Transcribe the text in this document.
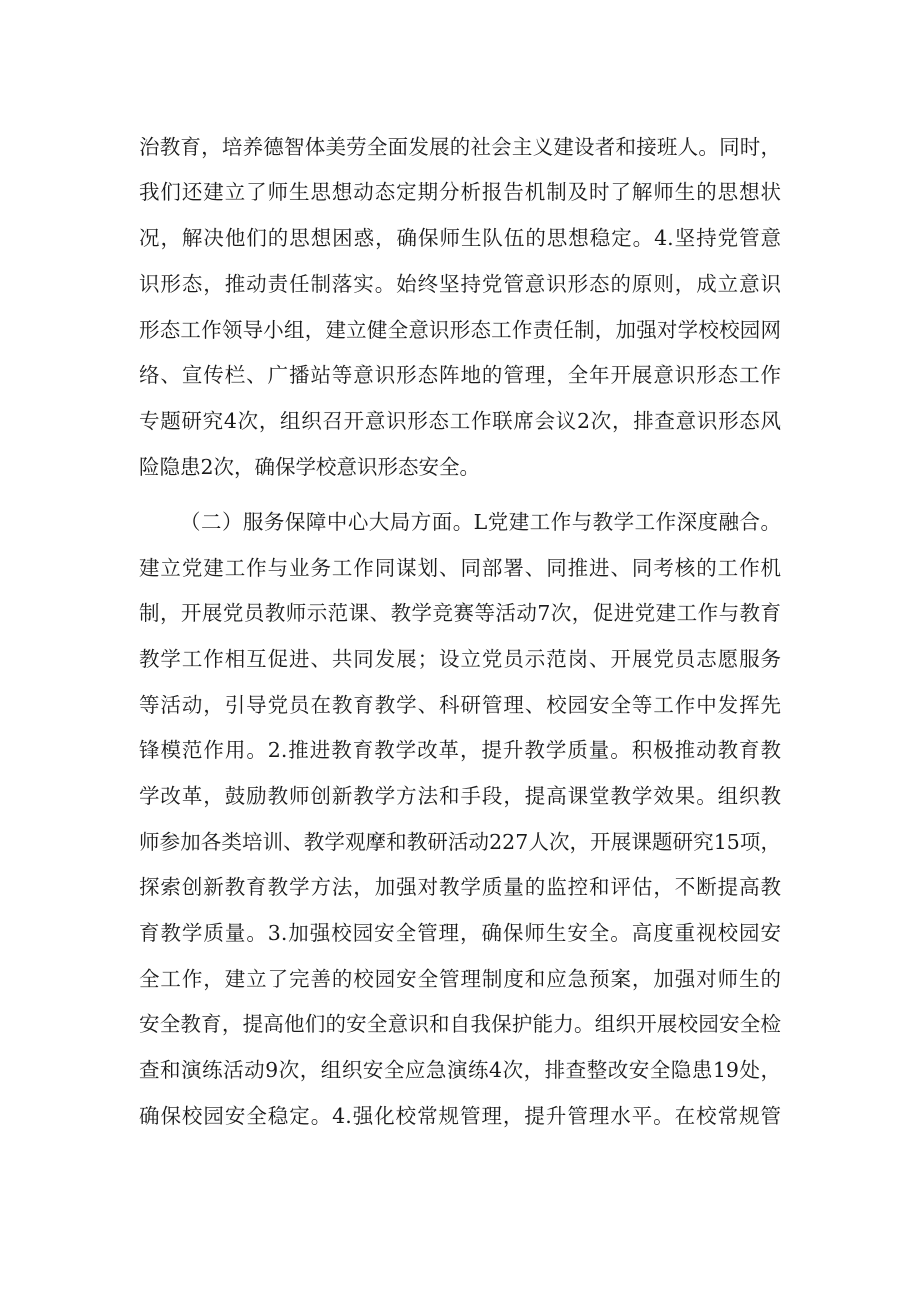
治教育，培养德智体美劳全面发展的社会主义建设者和接班人。同时，
我们还建立了师生思想动态定期分析报告机制及时了解师生的思想状
况，解决他们的思想困惑，确保师生队伍的思想稳定。4.坚持党管意
识形态，推动责任制落实。始终坚持党管意识形态的原则，成立意识
形态工作领导小组，建立健全意识形态工作责任制，加强对学校校园网
络、宣传栏、广播站等意识形态阵地的管理，全年开展意识形态工作
专题研究4次，组织召开意识形态工作联席会议2次，排查意识形态风
险隐患2次，确保学校意识形态安全。
（二）服务保障中心大局方面。L党建工作与教学工作深度融合。
建立党建工作与业务工作同谋划、同部署、同推进、同考核的工作机
制，开展党员教师示范课、教学竞赛等活动7次，促进党建工作与教育
教学工作相互促进、共同发展；设立党员示范岗、开展党员志愿服务
等活动，引导党员在教育教学、科研管理、校园安全等工作中发挥先
锋模范作用。2.推进教育教学改革，提升教学质量。积极推动教育教
学改革，鼓励教师创新教学方法和手段，提高课堂教学效果。组织教
师参加各类培训、教学观摩和教研活动227人次，开展课题研究15项，
探索创新教育教学方法，加强对教学质量的监控和评估，不断提高教
育教学质量。3.加强校园安全管理，确保师生安全。高度重视校园安
全工作，建立了完善的校园安全管理制度和应急预案，加强对师生的
安全教育，提高他们的安全意识和自我保护能力。组织开展校园安全检
查和演练活动9次，组织安全应急演练4次，排查整改安全隐患19处，
确保校园安全稳定。4.强化校常规管理，提升管理水平。在校常规管
